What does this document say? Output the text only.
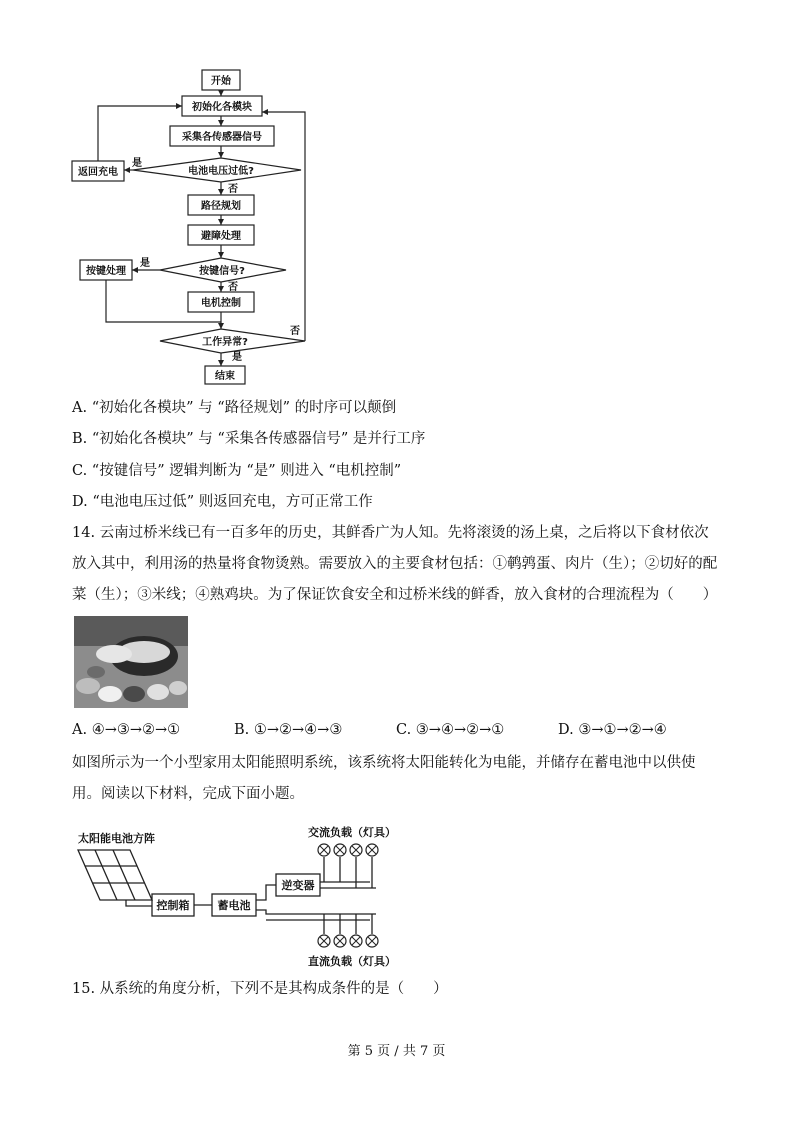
开始
初始化各模块
采集各传感器信号
电池电压过低?
返回充电
路径规划
避障处理
按键信号?
按键处理
电机控制
工作异常?
结束
是
否
是
否
否
是
A. “初始化各模块” 与 “路径规划” 的时序可以颠倒
B. “初始化各模块” 与 “采集各传感器信号” 是并行工序
C. “按键信号” 逻辑判断为 “是” 则进入 “电机控制”
D. “电池电压过低” 则返回充电，方可正常工作
14. 云南过桥米线已有一百多年的历史，其鲜香广为人知。先将滚烫的汤上桌，之后将以下食材依次放入其中，利用汤的热量将食物烫熟。需要放入的主要食材包括：①鹌鹑蛋、肉片（生）；②切好的配菜（生）；③米线；④熟鸡块。为了保证饮食安全和过桥米线的鲜香，放入食材的合理流程为（　　）
A. ④→③→②→①	B. ①→②→④→③	C. ③→④→②→①	D. ③→①→②→④
如图所示为一个小型家用太阳能照明系统，该系统将太阳能转化为电能，并储存在蓄电池中以供使用。阅读以下材料，完成下面小题。
太阳能电池方阵
控制箱	蓄电池
逆变器
交流负载（灯具）
直流负载（灯具）
15. 从系统的角度分析，下列不是其构成条件的是（　　）
第 5 页 / 共 7 页
